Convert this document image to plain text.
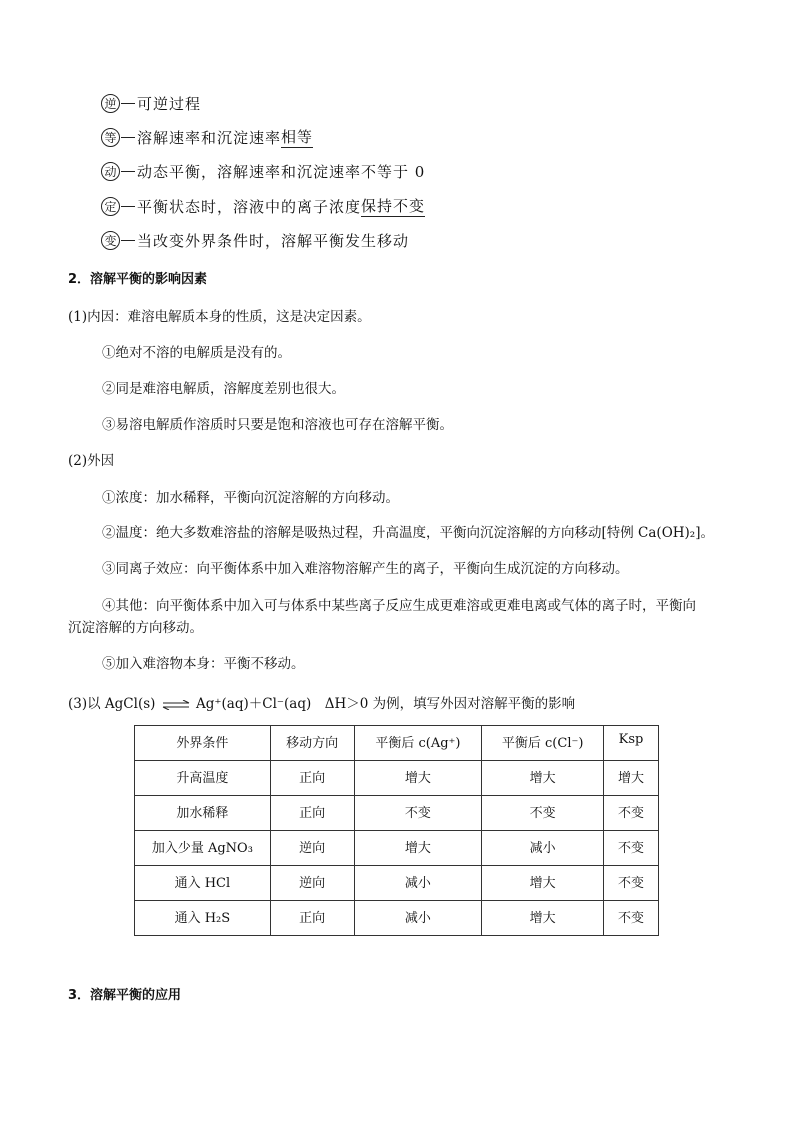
逆 可逆过程
等 溶解速率和沉淀速率 相等
动 动态平衡，溶解速率和沉淀速率不等于 0
定 平衡状态时，溶液中的离子浓度 保持不变
变 当改变外界条件时，溶解平衡发生移动
2．溶解平衡的影响因素
(1)内因：难溶电解质本身的性质，这是决定因素。
①绝对不溶的电解质是没有的。
②同是难溶电解质，溶解度差别也很大。
③易溶电解质作溶质时只要是饱和溶液也可存在溶解平衡。
(2)外因
①浓度：加水稀释，平衡向沉淀溶解的方向移动。
②温度：绝大多数难溶盐的溶解是吸热过程，升高温度，平衡向沉淀溶解的方向移动[特例 Ca(OH)₂]。
③同离子效应：向平衡体系中加入难溶物溶解产生的离子，平衡向生成沉淀的方向移动。
④其他：向平衡体系中加入可与体系中某些离子反应生成更难溶或更难电离或气体的离子时，平衡向
沉淀溶解的方向移动。
⑤加入难溶物本身：平衡不移动。
(3)以 AgCl(s) ⇌ Ag⁺(aq)＋Cl⁻(aq)　ΔH＞0 为例，填写外因对溶解平衡的影响
外界条件	移动方向	平衡后 c(Ag⁺)	平衡后 c(Cl⁻)	Ksp
升高温度	正向	增大	增大	增大
加水稀释	正向	不变	不变	不变
加入少量 AgNO₃	逆向	增大	减小	不变
通入 HCl	逆向	减小	增大	不变
通入 H₂S	正向	减小	增大	不变
3．溶解平衡的应用
